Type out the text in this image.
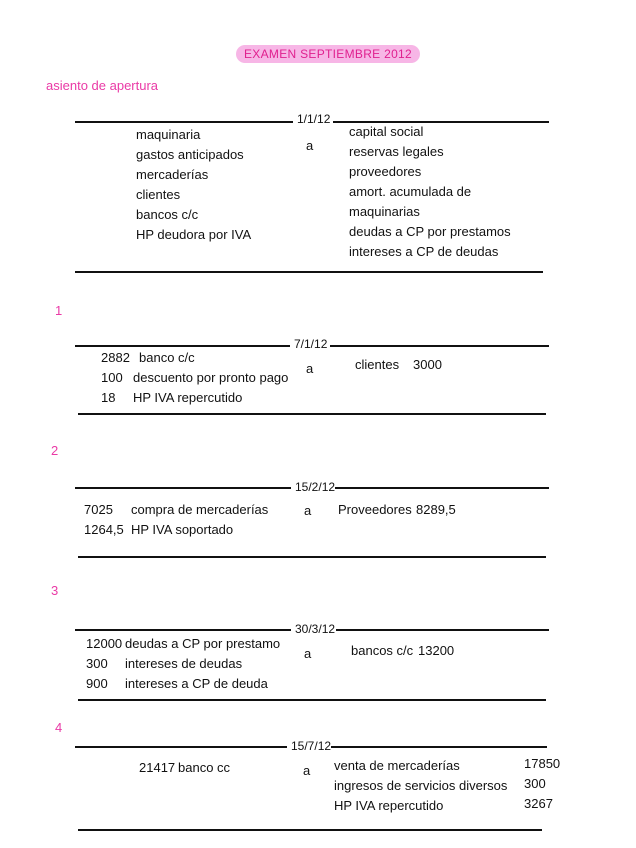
EXAMEN SEPTIEMBRE 2012
asiento de apertura
1/1/12
a
maquinaria
gastos anticipados
mercaderías
clientes
bancos c/c
HP deudora por IVA
capital social
reservas legales
proveedores
amort. acumulada de
maquinarias
deudas a CP por prestamos
intereses a CP de deudas
1
7/1/12
a
2882 banco c/c
100 descuento por pronto pago
18 HP IVA repercutido
clientes 3000
2
15/2/12
a
7025 compra de mercaderías
1264,5 HP IVA soportado
Proveedores 8289,5
3
30/3/12
a
12000 deudas a CP por prestamo
300 intereses de deudas
900 intereses a CP de deuda
bancos c/c 13200
4
15/7/12
a
21417 banco cc	venta de mercaderías	17850
ingresos de servicios diversos 300
HP IVA repercutido	3267
